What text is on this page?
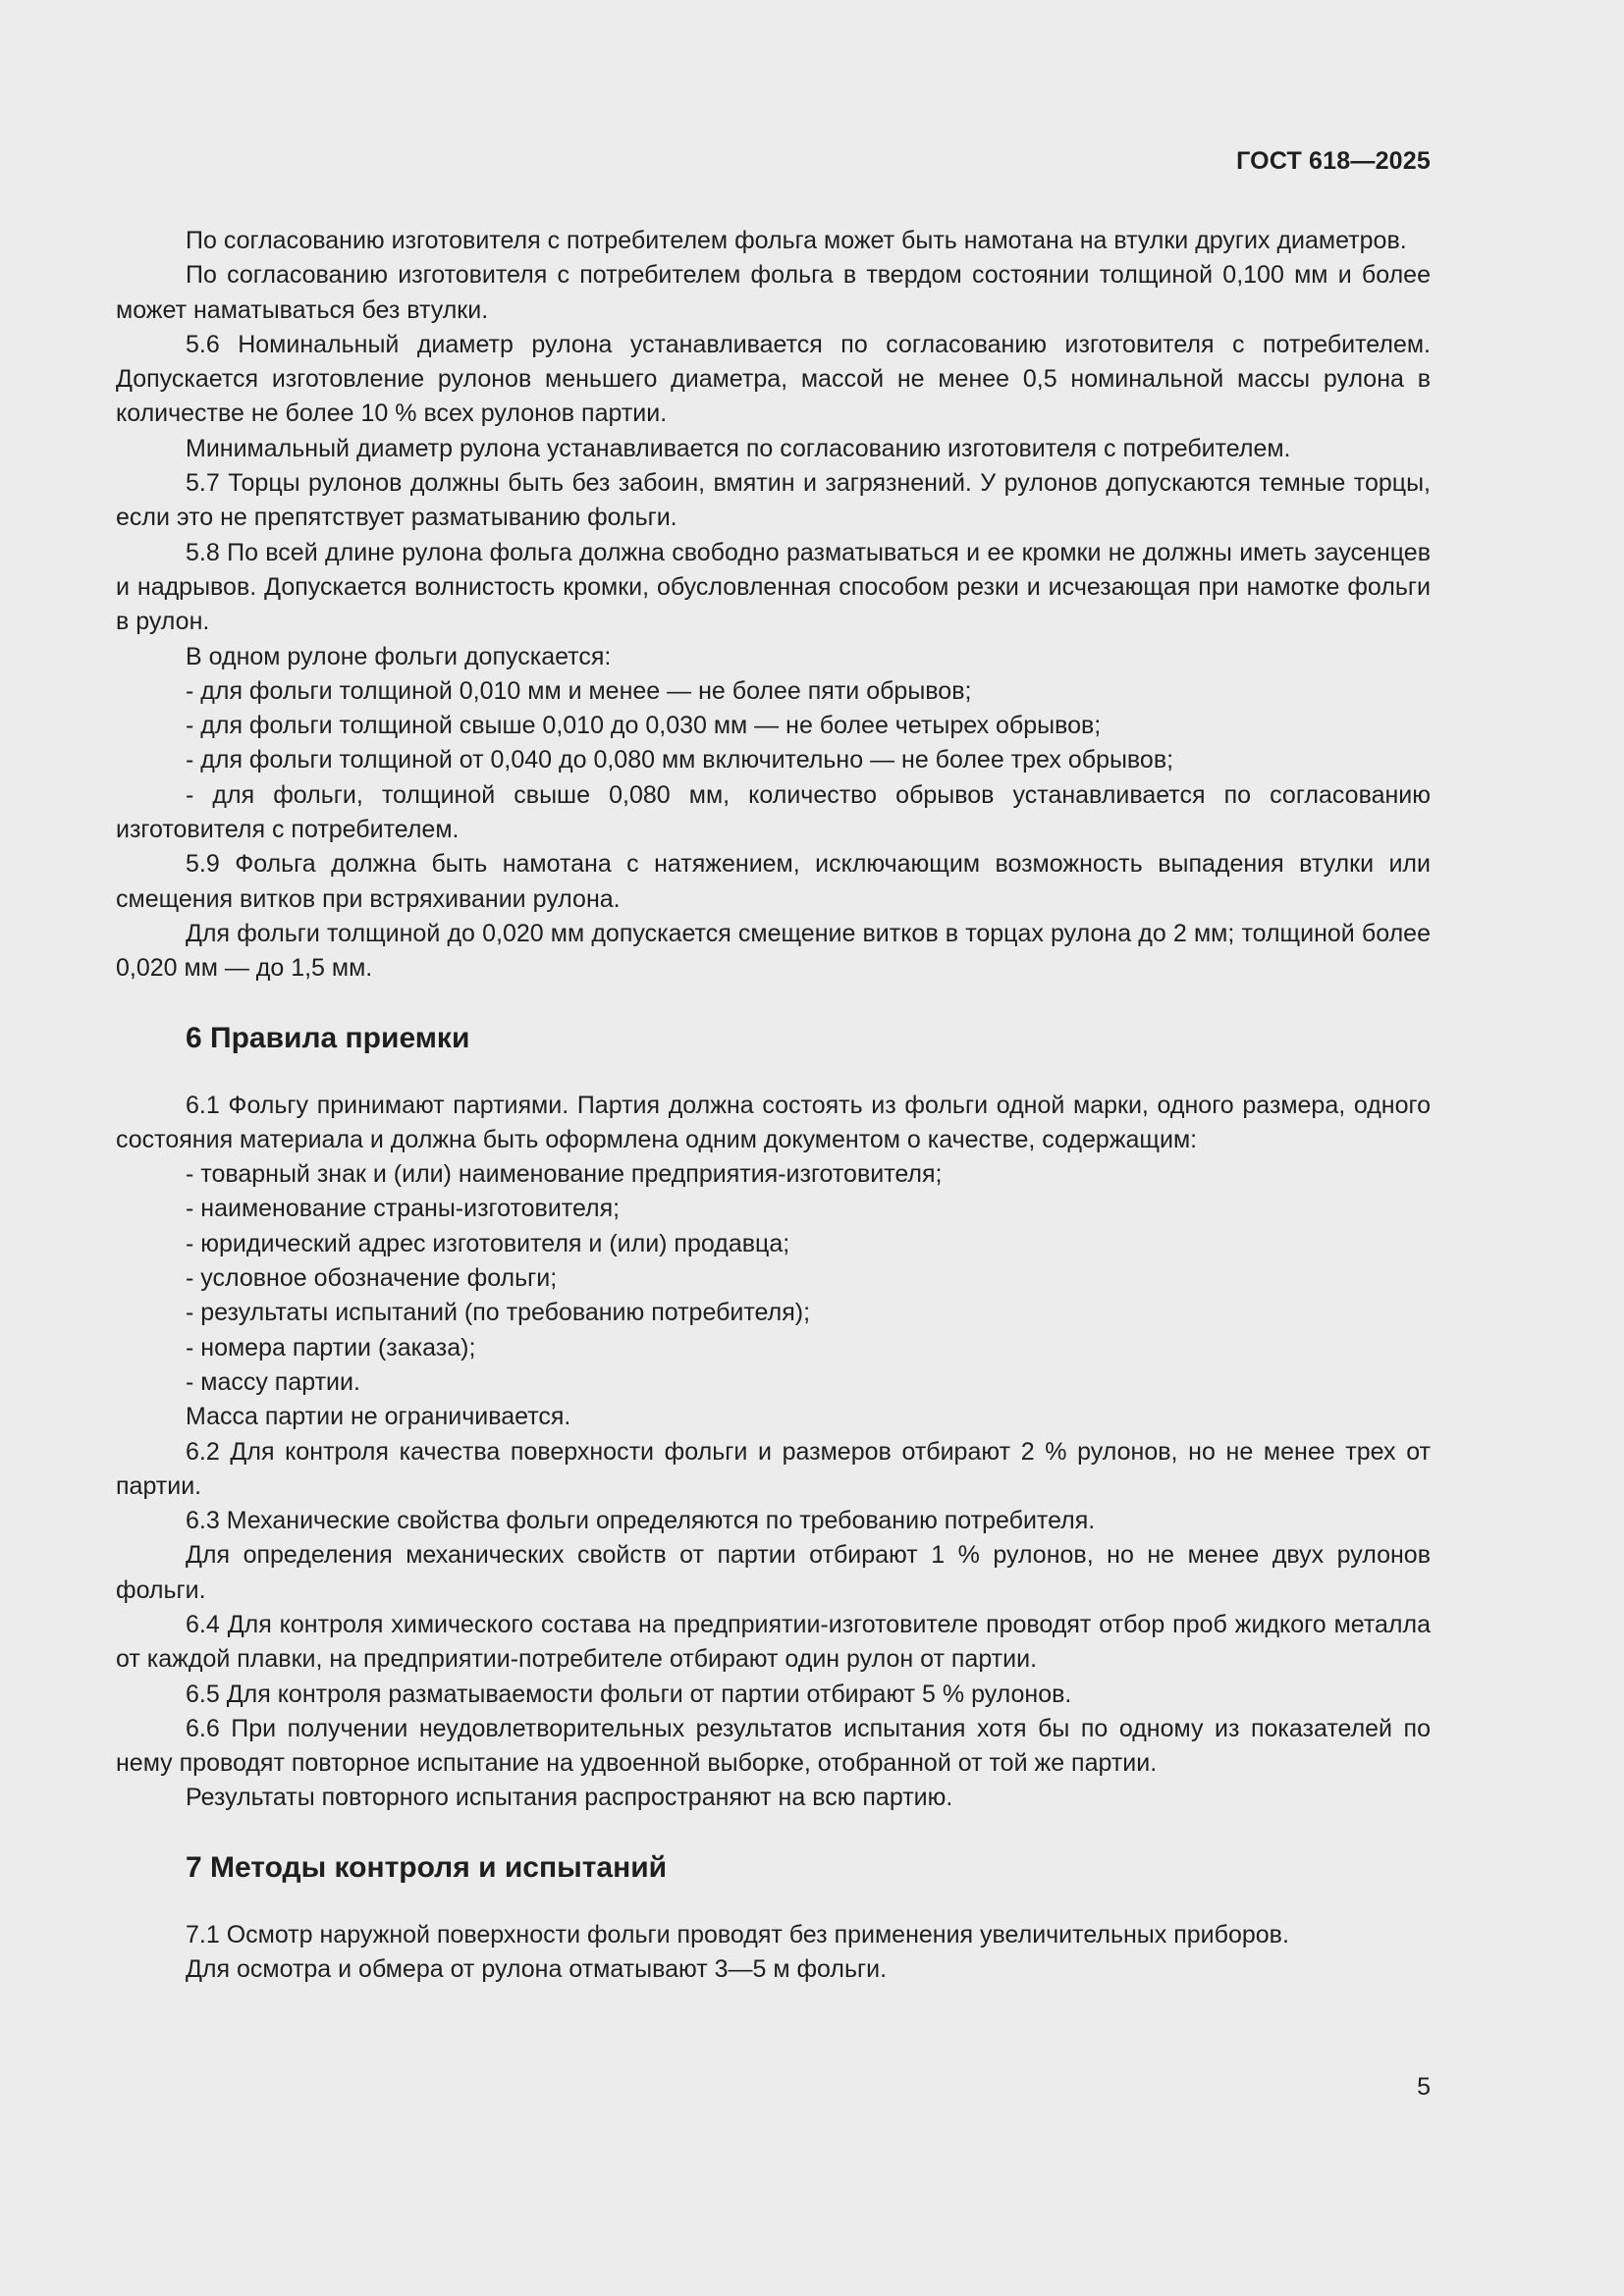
ГОСТ 618—2025

По согласованию изготовителя с потребителем фольга может быть намотана на втулки других диаметров.

По согласованию изготовителя с потребителем фольга в твердом состоянии толщиной 0,100 мм и более может наматываться без втулки.

5.6 Номинальный диаметр рулона устанавливается по согласованию изготовителя с потребителем. Допускается изготовление рулонов меньшего диаметра, массой не менее 0,5 номинальной массы рулона в количестве не более 10 % всех рулонов партии.

Минимальный диаметр рулона устанавливается по согласованию изготовителя с потребителем.

5.7 Торцы рулонов должны быть без забоин, вмятин и загрязнений. У рулонов допускаются темные торцы, если это не препятствует разматыванию фольги.

5.8 По всей длине рулона фольга должна свободно разматываться и ее кромки не должны иметь заусенцев и надрывов. Допускается волнистость кромки, обусловленная способом резки и исчезающая при намотке фольги в рулон.

В одном рулоне фольги допускается:

- для фольги толщиной 0,010 мм и менее — не более пяти обрывов;

- для фольги толщиной свыше 0,010 до 0,030 мм — не более четырех обрывов;

- для фольги толщиной от 0,040 до 0,080 мм включительно — не более трех обрывов;

- для фольги, толщиной свыше 0,080 мм, количество обрывов устанавливается по согласованию изготовителя с потребителем.

5.9 Фольга должна быть намотана с натяжением, исключающим возможность выпадения втулки или смещения витков при встряхивании рулона.

Для фольги толщиной до 0,020 мм допускается смещение витков в торцах рулона до 2 мм; толщиной более 0,020 мм — до 1,5 мм.

6 Правила приемки

6.1 Фольгу принимают партиями. Партия должна состоять из фольги одной марки, одного размера, одного состояния материала и должна быть оформлена одним документом о качестве, содержащим:

- товарный знак и (или) наименование предприятия-изготовителя;

- наименование страны-изготовителя;

- юридический адрес изготовителя и (или) продавца;

- условное обозначение фольги;

- результаты испытаний (по требованию потребителя);

- номера партии (заказа);

- массу партии.

Масса партии не ограничивается.

6.2 Для контроля качества поверхности фольги и размеров отбирают 2 % рулонов, но не менее трех от партии.

6.3 Механические свойства фольги определяются по требованию потребителя.

Для определения механических свойств от партии отбирают 1 % рулонов, но не менее двух рулонов фольги.

6.4 Для контроля химического состава на предприятии-изготовителе проводят отбор проб жидкого металла от каждой плавки, на предприятии-потребителе отбирают один рулон от партии.

6.5 Для контроля разматываемости фольги от партии отбирают 5 % рулонов.

6.6 При получении неудовлетворительных результатов испытания хотя бы по одному из показателей по нему проводят повторное испытание на удвоенной выборке, отобранной от той же партии.

Результаты повторного испытания распространяют на всю партию.

7 Методы контроля и испытаний

7.1 Осмотр наружной поверхности фольги проводят без применения увеличительных приборов.

Для осмотра и обмера от рулона отматывают 3—5 м фольги.

5
